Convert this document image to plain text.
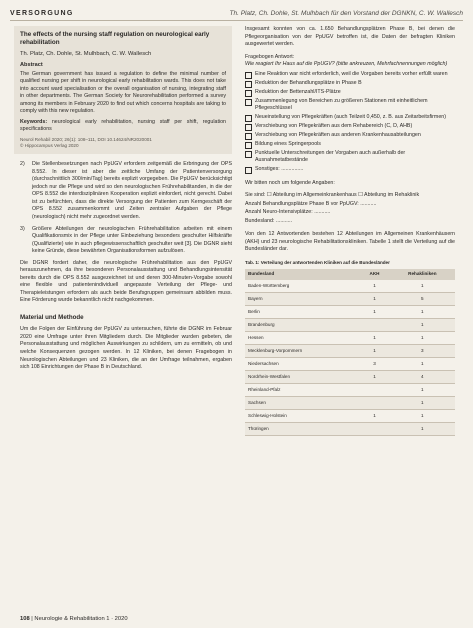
VERSORGUNG	Th. Platz, Ch. Dohle, St. Mulhbach für den Vorstand der DGNKN, C. W. Wallesch
The effects of the nursing staff regulation on neurological early rehabilitation
Th. Platz, Ch. Dohle, St. Mulhbach, C. W. Wallesch
Abstract
The German government has issued a regulation to define the minimal number of qualified nursing per shift in neurological early rehabilitation wards. This does not take into account ward specialisation or the overall organisation of nursing, integrating staff in other departments. The German Society for Neurorehabilitation performed a survey among its members in February 2020 to find out which concerns hospitals are taking to comply with this new regulation.
Keywords: neurological early rehabilitation, nursing staff per shift, regulation specifications
Neurol Rehabil 2020; 26(1): 108–111, DOI 10.14624/NR2020001
© Hippocampus Verlag 2020
2)	Die Stellenbesetzungen nach PpUGV erfordern zeitgemäß die Erbringung der OPS 8.552. In dieser ist aber die zeitliche Umfang der Patientenversorgung (durchschnittlich 300/min/Tag) bereits explizit vorgegeben. Die PpUGV berücksichtigt jedoch nur die Pflege und wird so den neurologischen Frührehabilitanden, in die der OPS 8.552 die interdisziplinären Kooperation explizit einfordert, nicht gerecht. Dabei ist zu befürchten, dass die direkte Versorgung der Patienten zum Kerngeschäft der OPS 8.552 zusammenkommt und Zeiten zentraler Aufgaben der Pflege (neurologisch) nicht mehr zugeordnet werden.
3)	Größere Abteilungen der neurologischen Frührehabilitation arbeiten mit einem Qualifikationsmix in der Pflege unter Einbeziehung besonders geschulter Hilfskräfte (Qualifizierte) wie in auch pflegewissenschaftlich geschulter weit [3]. Die DGNR sieht keine Gründe, diese bewährten Organisationsformen aufzulösen.

Die DGNR fordert daher, die neurologische Frührehabilitation aus den PpUGV herauszunehmen, da ihre besonderen Personalausstattung und Behandlungsintensität bereits durch die OPS 8.552 ausgezeichnet ist und deren 300-Minuten-Vorgabe sowohl eine flexible und patientenindividuell angepasste Verteilung der Pflege- und Therapieleistungen erfordern als auch beide Berufsgruppen gemeinsam abbilden muss. Eine Förderung wurde bekanntlich nicht nachgekommen.

Material und Methode

Um die Folgen der Einführung der PpUGV zu untersuchen, führte die DGNR im Februar 2020 eine Umfrage unter ihren Mitgliedern durch. Die Mitglieder wurden gebeten, die Personalausstattung und möglichen Auswirkungen zu schildern, um zu ermitteln, ob und welche Konsequenzen gezogen werden. In 12 Kliniken, bei denen Fragebogen in Neurologischen Abteilungen und 23 Kliniken, die an der Umfrage teilnahmen, ergaben sich 108 Einrichtungen der Phase B in Deutschland.

Insgesamt konnten von ca. 1.650 Behandlungsplätzen Phase B, bei denen die Pflegeorganisation von der PpUGV betroffen ist, die Daten der befragten Kliniken ausgewertet werden.

Fragebogen Antwort:
Wie reagiert Ihr Haus auf die PpUGV? (bitte ankreuzen, Mehrfachnennungen möglich)
Eine Reaktion war nicht erforderlich, weil die Vorgaben bereits vorher erfüllt waren
Reduktion der Behandlungsplätze in Phase B
Reduktion der Bettenzahl/ITS-Plätze
Zusammenlegung von Bereichen zu größeren Stationen mit einheitlichem Pflegeschlüssel
Neueinstellung von Pflegekräften (auch Teilzeit 0,450, z. B. aus Zeitarbeitsfirmen)
Verschiebung von Pflegekräften aus dem Rehabereich (C, D, AHB)
Verschiebung von Pflegekräften aus anderen Krankenhausabteilungen
Bildung eines Springerpools
Punktuelle Unterschreitungen der Vorgaben auch außerhalb der Ausnahmetatbestände
Sonstiges: ...............

Wir bitten noch um folgende Angaben:

Sie sind: ☐ Abteilung im Allgemeinkrankenhaus ☐ Abteilung im Rehaklinik
Anzahl Behandlungsplätze Phase B vor PpUGV: ...........
Anzahl Neuro-Intensivplätze: ...........
Bundesland: ...........

Von den 12 Antwortenden bestehen 12 Abteilungen im Allgemeinen Krankenhäusern (AKH) und 23 neurologische Rehabilitationskliniken. Tabelle 1 stellt die Verteilung auf die Bundesländer dar.

Tab. 1: Verteilung der antwortenden Kliniken auf die Bundesländer
Bundesland	AKH	Rehakliniken
Baden-Württemberg	1	1
Bayern	1	5
Berlin	1	1
Brandenburg		1
Hessen	1	1
Mecklenburg-Vorpommern	1	3
Niedersachsen	3	1
Nordrhein-Westfalen	1	4
Rheinland-Pfalz		1
Sachsen		1
Schleswig-Holstein	1	1
Thüringen		1
108 | Neurologie & Rehabilitation 1 · 2020
